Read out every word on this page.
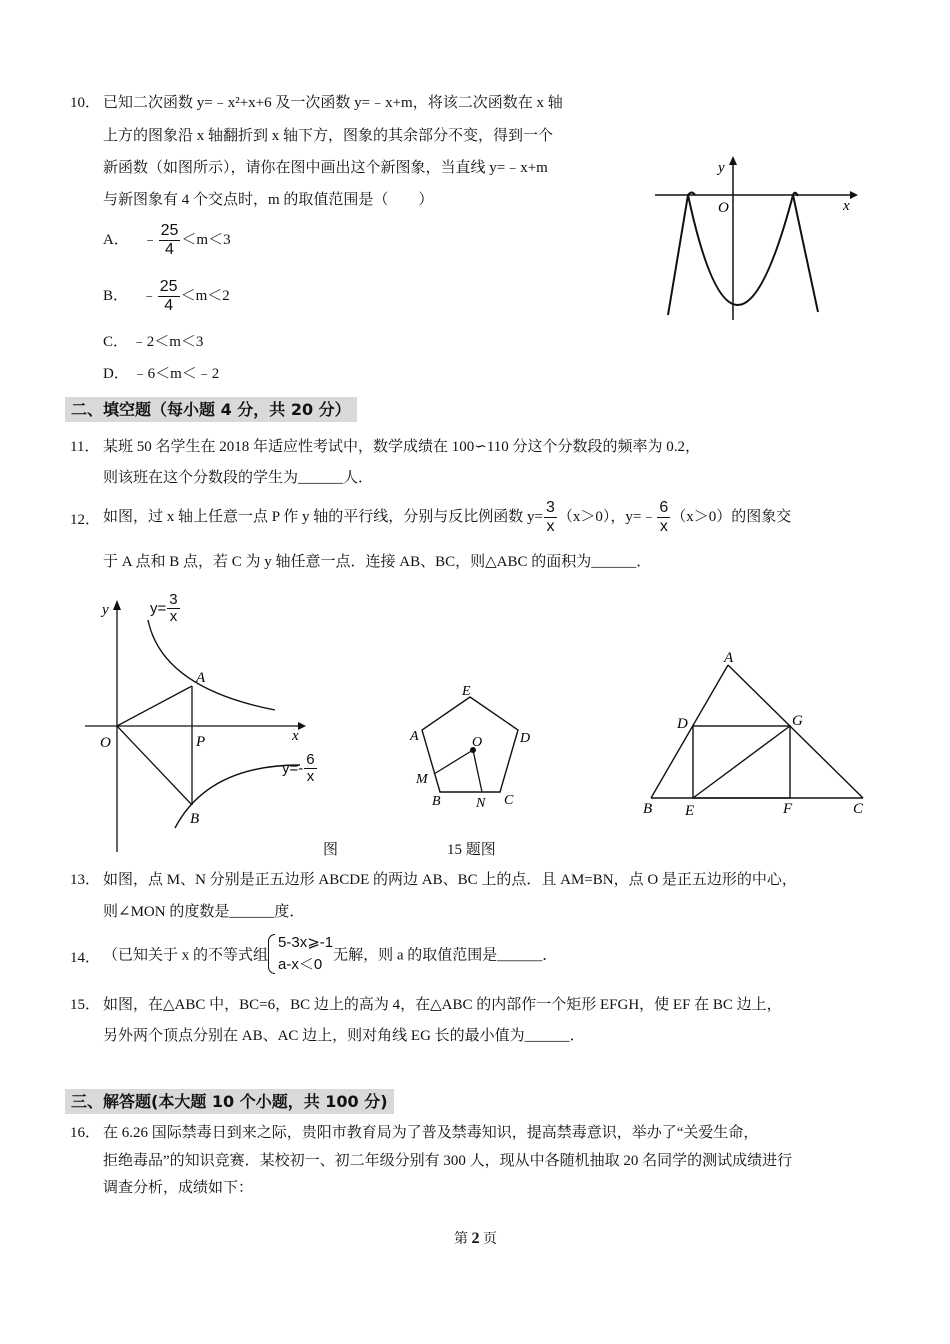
10． 已知二次函数 y=﹣x²+x+6 及一次函数 y=﹣x+m，将该二次函数在 x 轴
上方的图象沿 x 轴翻折到 x 轴下方，图象的其余部分不变，得到一个
新函数（如图所示），请你在图中画出这个新图象，当直线 y=﹣x+m
与新图象有 4 个交点时，m 的取值范围是（　　）
A． ﹣ $\frac{25}{4} <m<3$
B． ﹣ $\frac{25}{4} <m<2$
C． ﹣2＜m＜3
D． ﹣6＜m＜﹣2
y
x
O
二、填空题（每小题 4 分，共 20 分）
11． 某班 50 名学生在 2018 年适应性考试中，数学成绩在 100∽110 分这个分数段的频率为 0.2，
则该班在这个分数段的学生为______人．
12． 如图，过 x 轴上任意一点 P 作 y 轴的平行线，分别与反比例函数 $y= \frac{3}{x} (x>0)$，y=﹣ $\frac{6}{x} (x>0)$的图象交
于 A 点和 B 点，若 C 为 y 轴任意一点．连接 AB、BC，则△ABC 的面积为______．
y
x
O
A
P
B
$y= \frac{3}{x}$
$y=- \frac{6}{x}$
图
E
A	D
O
M
B	N C
15 题图
A
D	G
B E	F	C
13． 如图，点 M、N 分别是正五边形 ABCDE 的两边 AB、BC 上的点．且 AM=BN，点 O 是正五边形的中心，
则∠MON 的度数是______度．
14． （已知关于 x 的不等式组
5-3x⩾-1
a-x＜0
无解，则 a 的取值范围是______．
15． 如图，在△ABC 中，BC=6，BC 边上的高为 4，在△ABC 的内部作一个矩形 EFGH，使 EF 在 BC 边上，
另外两个顶点分别在 AB、AC 边上，则对角线 EG 长的最小值为______．
三、解答题(本大题 10 个小题，共 100 分)
16． 在 6.26 国际禁毒日到来之际，贵阳市教育局为了普及禁毒知识，提高禁毒意识，举办了“关爱生命，
拒绝毒品”的知识竞赛．某校初一、初二年级分别有 300 人，现从中各随机抽取 20 名同学的测试成绩进行
调查分析，成绩如下：
第 2 页
